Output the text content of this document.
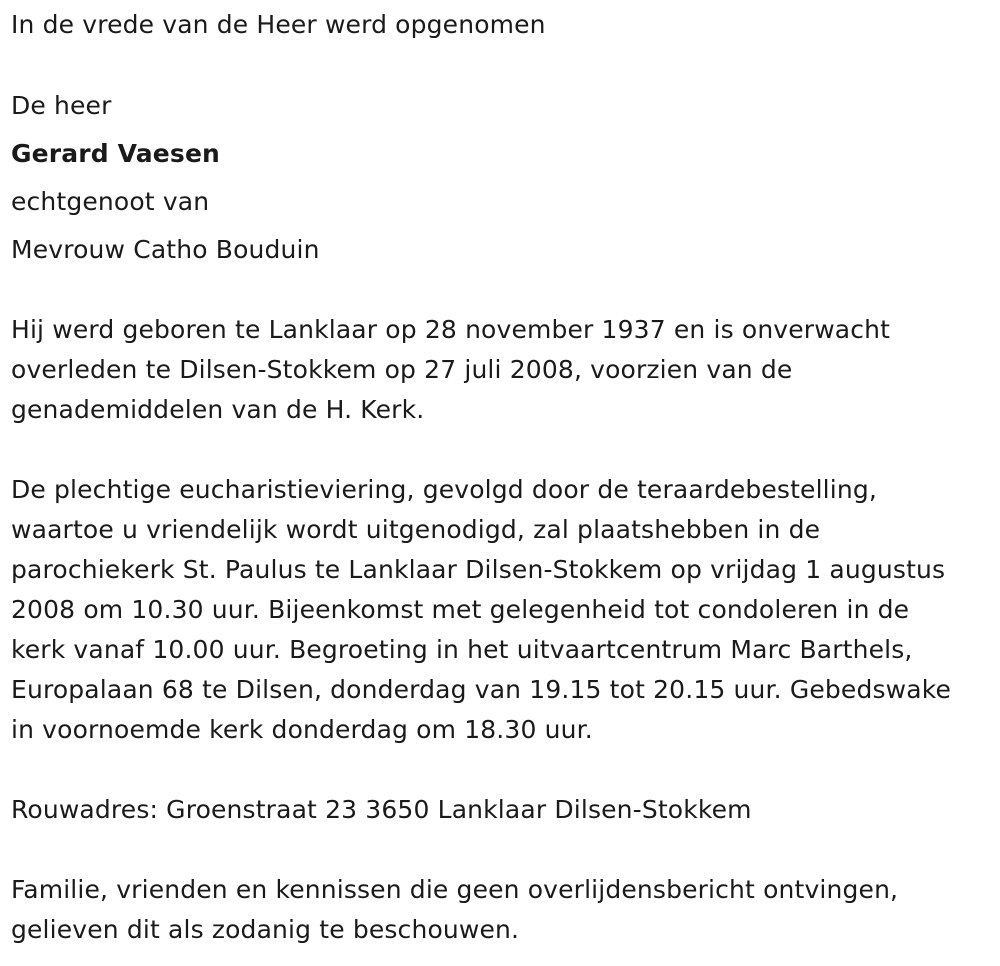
In de vrede van de Heer werd opgenomen
De heer
Gerard Vaesen
echtgenoot van
Mevrouw Catho Bouduin
Hij werd geboren te Lanklaar op 28 november 1937 en is onverwacht
overleden te Dilsen-Stokkem op 27 juli 2008, voorzien van de
genademiddelen van de H. Kerk.
De plechtige eucharistieviering, gevolgd door de teraardebestelling,
waartoe u vriendelijk wordt uitgenodigd, zal plaatshebben in de
parochiekerk St. Paulus te Lanklaar Dilsen-Stokkem op vrijdag 1 augustus
2008 om 10.30 uur. Bijeenkomst met gelegenheid tot condoleren in de
kerk vanaf 10.00 uur. Begroeting in het uitvaartcentrum Marc Barthels,
Europalaan 68 te Dilsen, donderdag van 19.15 tot 20.15 uur. Gebedswake
in voornoemde kerk donderdag om 18.30 uur.
Rouwadres: Groenstraat 23 3650 Lanklaar Dilsen-Stokkem
Familie, vrienden en kennissen die geen overlijdensbericht ontvingen,
gelieven dit als zodanig te beschouwen.
